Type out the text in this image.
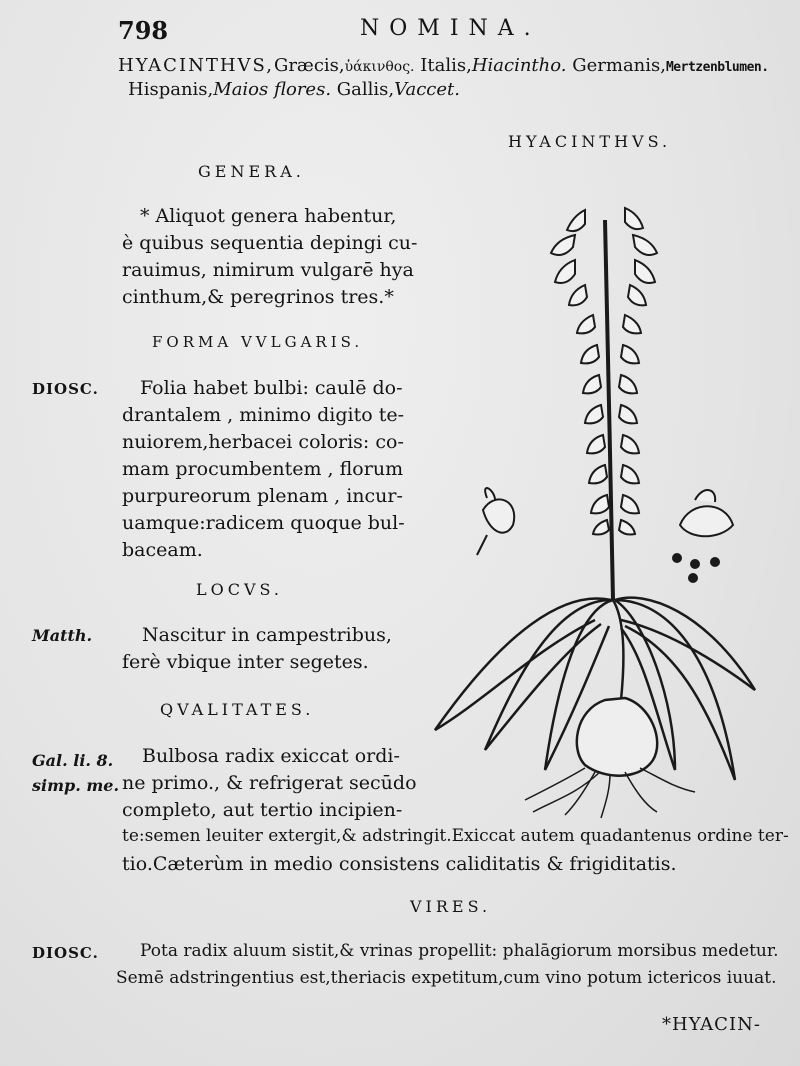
798	NOMINA.
HYACINTHVS,Græcis,ὑάκινθος. Italis,Hiacintho. Germanis,Mertzenblumen.
Hispanis,Maios flores. Gallis,Vaccet.
HYACINTHVS.
GENERA.
* Aliquot genera habentur,
è quibus sequentia depingi cu-
rauimus, nimirum vulgarē hya
cinthum,& peregrinos tres.*
FORMA VVLGARIS.
DIOSC. Folia habet bulbi: caulē do-
drantalem , minimo digito te-
nuiorem,herbacei coloris: co-
mam procumbentem , florum
purpureorum plenam , incur-
uamque:radicem quoque bul-
baceam.
LOCVS.
Matth.	Nascitur in campestribus,
ferè vbique inter segetes.
QVALITATES.
Gal. li. 8.
simp. me.
Bulbosa radix exiccat ordi-
ne primo., & refrigerat secūdo
completo, aut tertio incipien-
te:semen leuiter extergit,& adstringit.Exiccat autem quadantenus ordine ter-
tio.Cæterùm in medio consistens caliditatis & frigiditatis.
VIRES.
DIOSC. Pota radix aluum sistit,& vrinas propellit: phalāgiorum morsibus medetur.
Semē adstringentius est,theriacis expetitum,cum vino potum ictericos iuuat.
*HYACIN-
